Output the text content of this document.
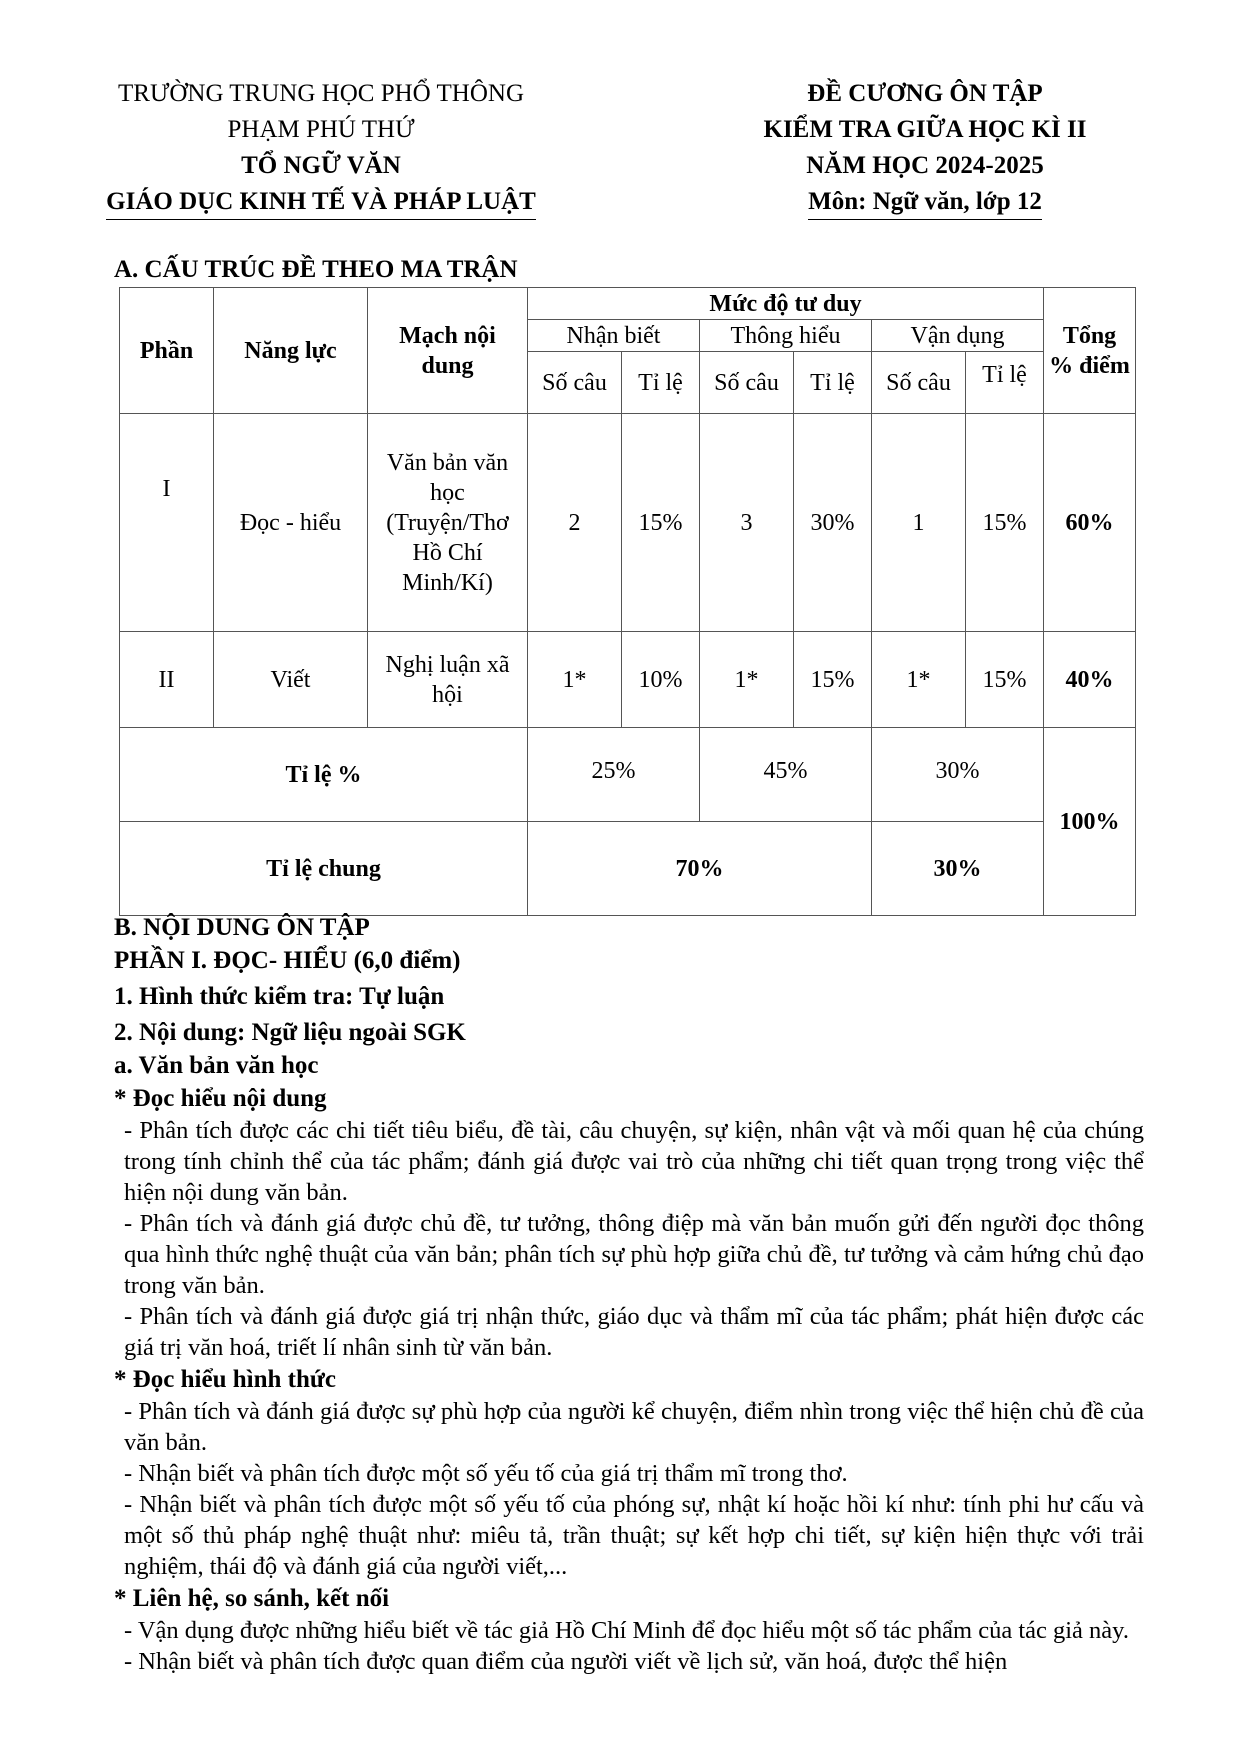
TRƯỜNG TRUNG HỌC PHỔ THÔNG
PHẠM PHÚ THỨ
TỔ NGỮ VĂN
GIÁO DỤC KINH TẾ VÀ PHÁP LUẬT
ĐỀ CƯƠNG ÔN TẬP
KIỂM TRA GIỮA HỌC KÌ II
NĂM HỌC 2024-2025
Môn: Ngữ văn, lớp 12
A. CẤU TRÚC ĐỀ THEO MA TRẬN
Phần	Năng lực	Mạch nội dung	Mức độ tư duy						Tổng % điểm
			Nhận biết		Thông hiểu		Vận dụng		
			Số câu	Tỉ lệ	Số câu	Tỉ lệ	Số câu	Tỉ lệ	
I	Đọc - hiểu	Văn bản văn học (Truyện/Thơ Hồ Chí Minh/Kí)	2	15%	3	30%	1	15%	60%
II	Viết	Nghị luận xã hội	1*	10%	1*	15%	1*	15%	40%
Tỉ lệ %			25%		45%		30%		100%
Tỉ lệ chung			70%				30%		
B. NỘI DUNG ÔN TẬP
PHẦN I. ĐỌC- HIỂU (6,0 điểm)
1. Hình thức kiểm tra: Tự luận
2. Nội dung: Ngữ liệu ngoài SGK
a. Văn bản văn học
* Đọc hiểu nội dung
- Phân tích được các chi tiết tiêu biểu, đề tài, câu chuyện, sự kiện, nhân vật và mối quan hệ của chúng trong tính chỉnh thể của tác phẩm; đánh giá được vai trò của những chi tiết quan trọng trong việc thể hiện nội dung văn bản.
- Phân tích và đánh giá được chủ đề, tư tưởng, thông điệp mà văn bản muốn gửi đến người đọc thông qua hình thức nghệ thuật của văn bản; phân tích sự phù hợp giữa chủ đề, tư tưởng và cảm hứng chủ đạo trong văn bản.
- Phân tích và đánh giá được giá trị nhận thức, giáo dục và thẩm mĩ của tác phẩm; phát hiện được các giá trị văn hoá, triết lí nhân sinh từ văn bản.
* Đọc hiểu hình thức
- Phân tích và đánh giá được sự phù hợp của người kể chuyện, điểm nhìn trong việc thể hiện chủ đề của văn bản.
- Nhận biết và phân tích được một số yếu tố của giá trị thẩm mĩ trong thơ.
- Nhận biết và phân tích được một số yếu tố của phóng sự, nhật kí hoặc hồi kí như: tính phi hư cấu và một số thủ pháp nghệ thuật như: miêu tả, trần thuật; sự kết hợp chi tiết, sự kiện hiện thực với trải nghiệm, thái độ và đánh giá của người viết,...
* Liên hệ, so sánh, kết nối
- Vận dụng được những hiểu biết về tác giả Hồ Chí Minh để đọc hiểu một số tác phẩm của tác giả này.
- Nhận biết và phân tích được quan điểm của người viết về lịch sử, văn hoá, được thể hiện
